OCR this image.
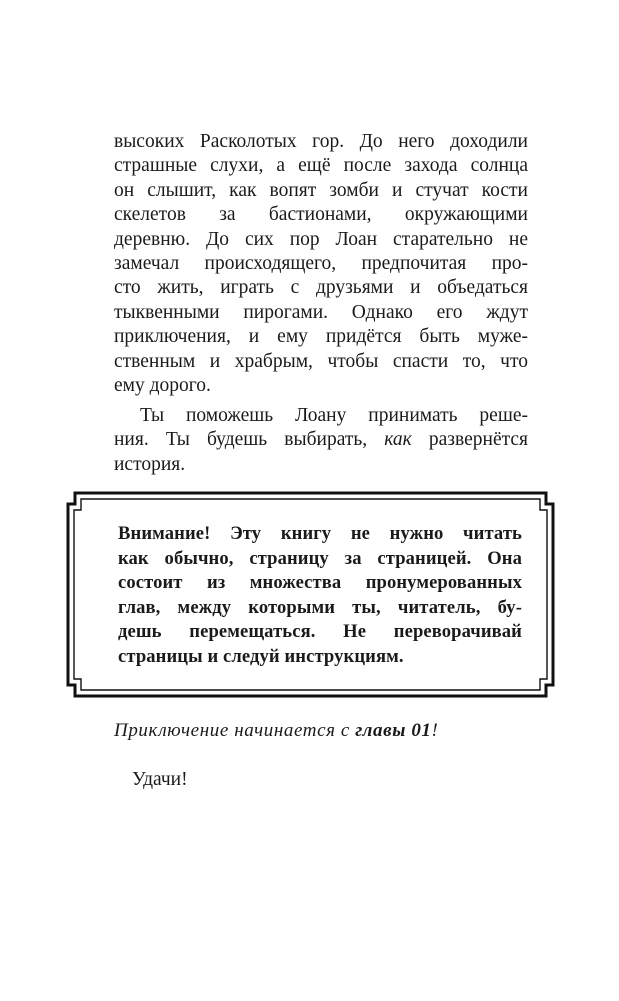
высоких Расколотых гор. До него доходили
страшные слухи, а ещё после захода солнца
он слышит, как вопят зомби и стучат кости
скелетов за бастионами, окружающими
деревню. До сих пор Лоан старательно не
замечал происходящего, предпочитая про-
сто жить, играть с друзьями и объедаться
тыквенными пирогами. Однако его ждут
приключения, и ему придётся быть муже-
ственным и храбрым, чтобы спасти то, что
ему дорого.
Ты поможешь Лоану принимать реше-
ния. Ты будешь выбирать, как развернётся
история.
Внимание! Эту книгу не нужно читать
как обычно, страницу за страницей. Она
состоит из множества пронумерованных
глав, между которыми ты, читатель, бу-
дешь перемещаться. Не переворачивай
страницы и следуй инструкциям.
Приключение начинается с главы 01!
Удачи!
